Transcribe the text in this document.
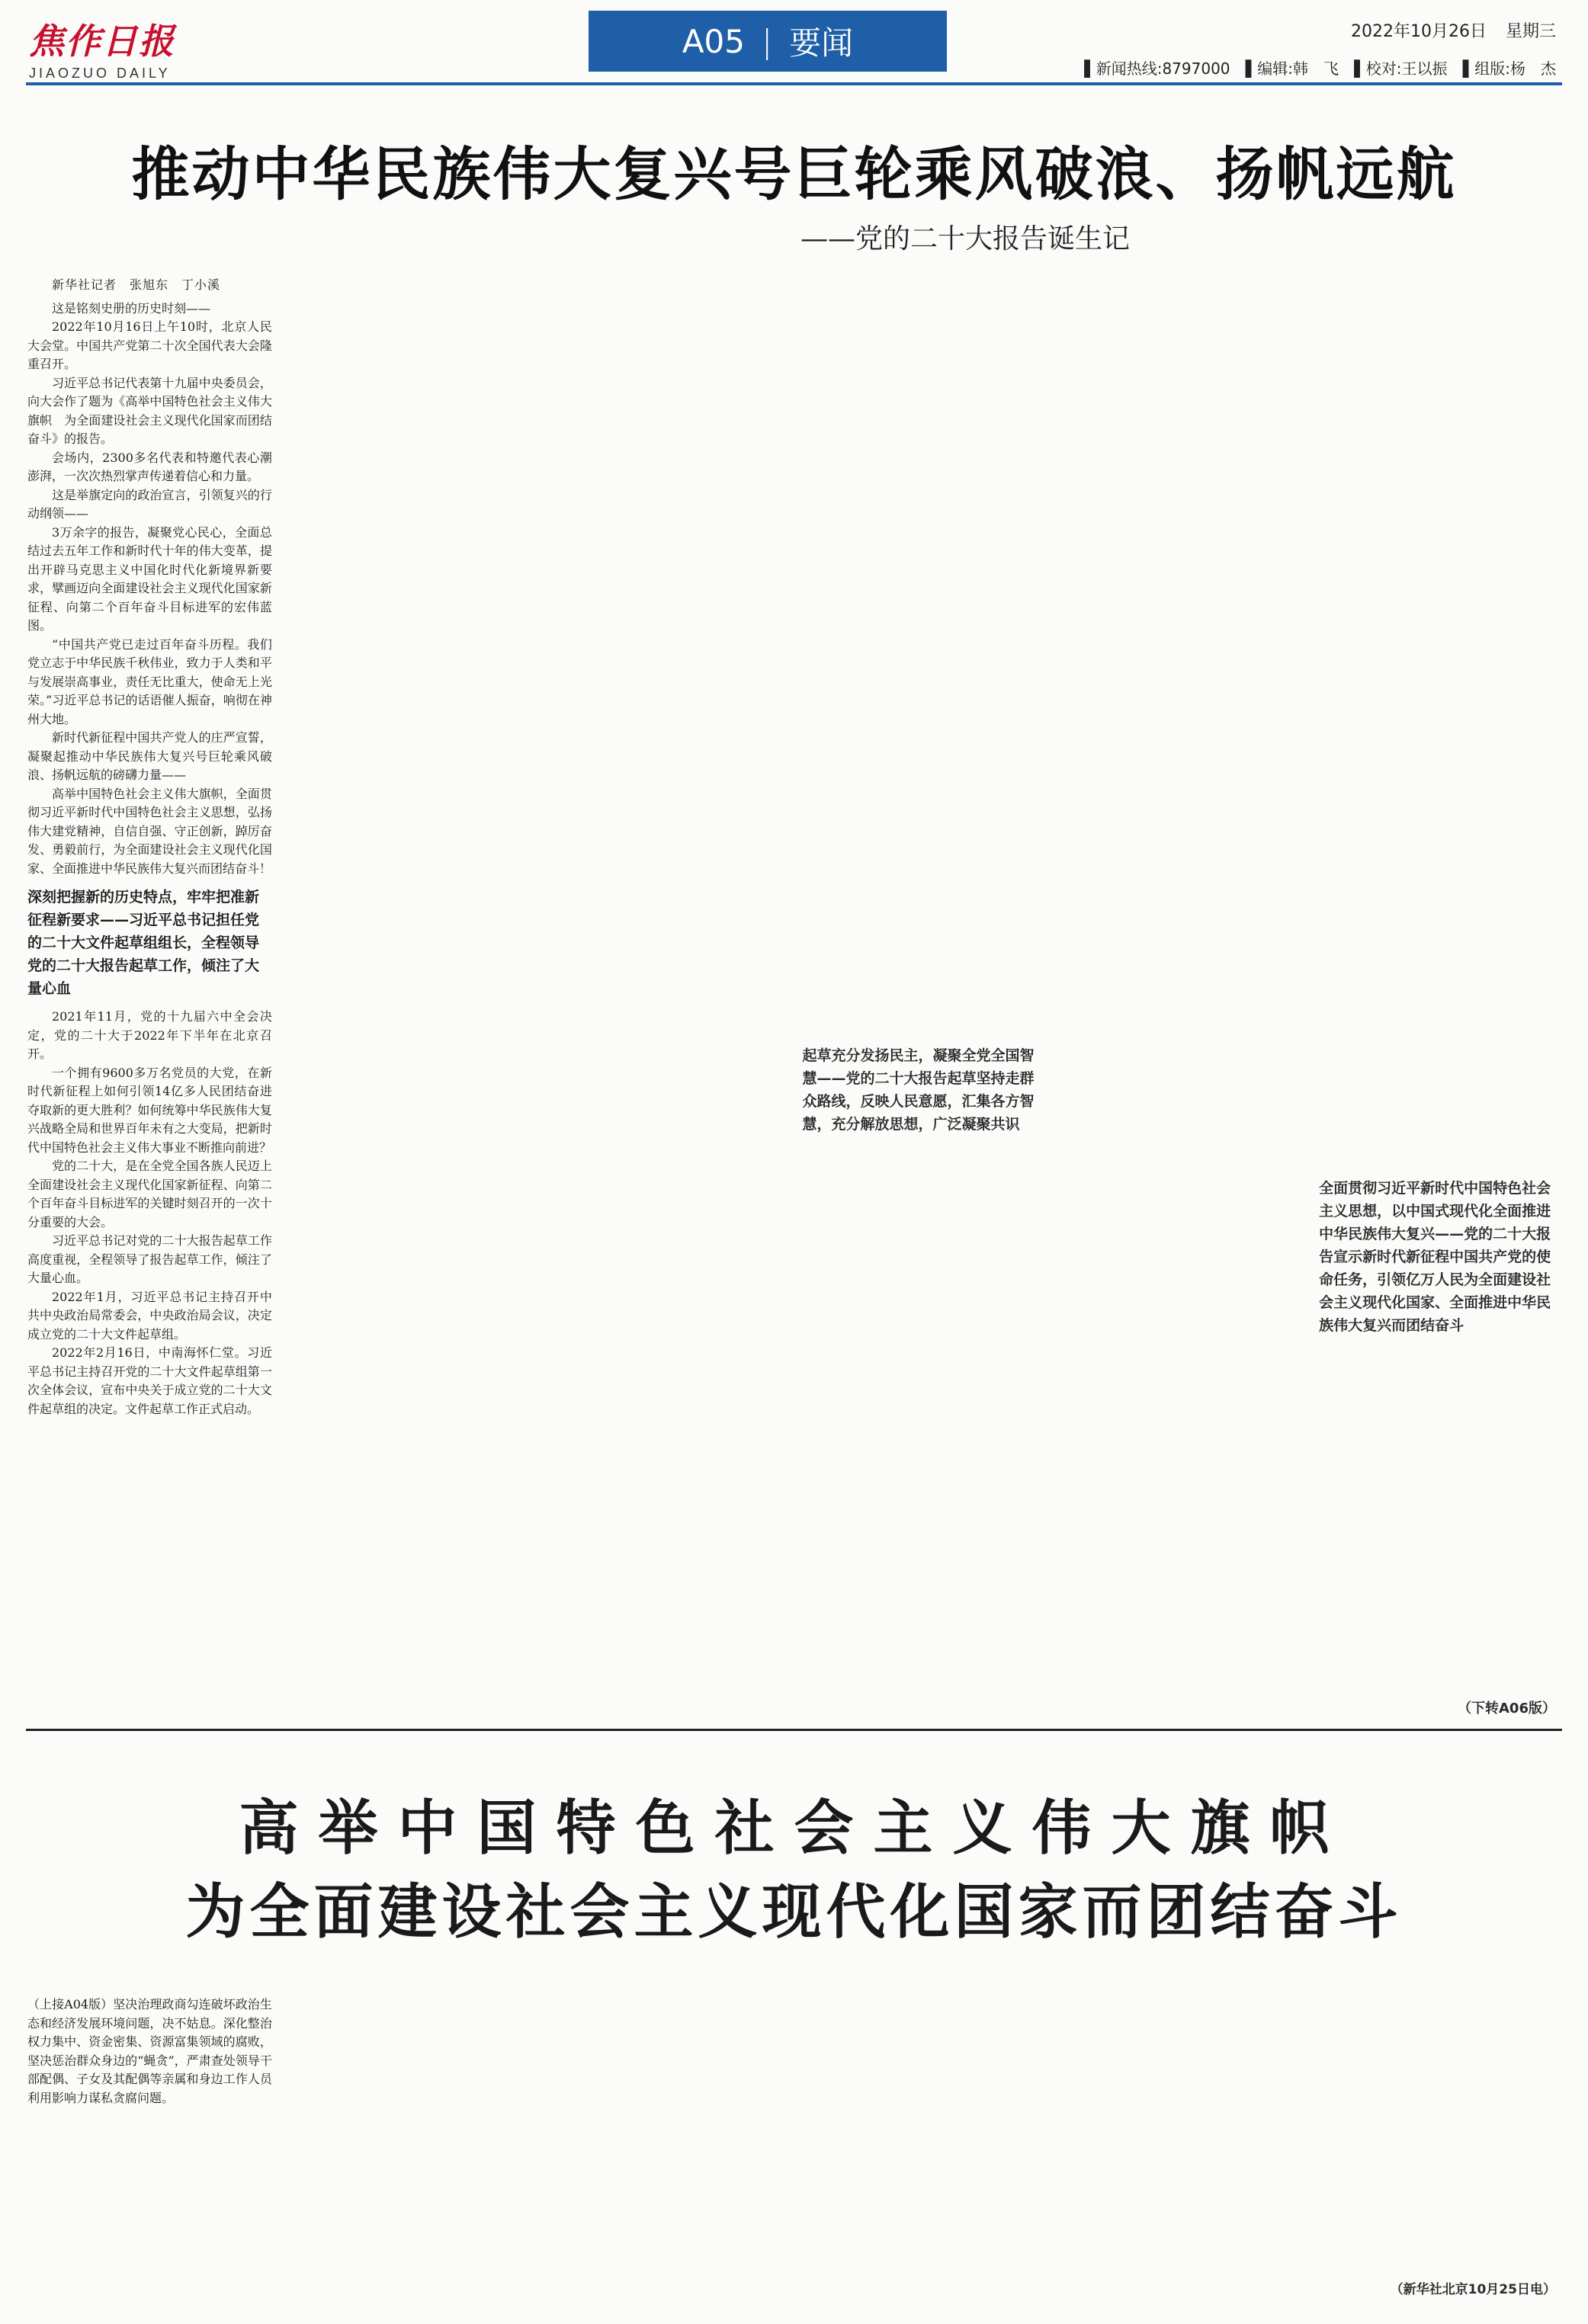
焦作日报
JIAOZUO DAILY
A05 | 要闻	2022年10月26日 星期三
▌新闻热线:8797000 ▌编辑:韩　飞 ▌校对:王以振 ▌组版:杨　杰
推动中华民族伟大复兴号巨轮乘风破浪、扬帆远航
——党的二十大报告诞生记

新华社记者　张旭东　丁小溪

这是铭刻史册的历史时刻——

2022年10月16日上午10时，北京人民大会堂。中国共产党第二十次全国代表大会隆重召开。

习近平总书记代表第十九届中央委员会，向大会作了题为《高举中国特色社会主义伟大旗帜　为全面建设社会主义现代化国家而团结奋斗》的报告。

会场内，2300多名代表和特邀代表心潮澎湃，一次次热烈掌声传递着信心和力量。

这是举旗定向的政治宣言，引领复兴的行动纲领——

3万余字的报告，凝聚党心民心，全面总结过去五年工作和新时代十年的伟大变革，提出开辟马克思主义中国化时代化新境界新要求，擘画迈向全面建设社会主义现代化国家新征程、向第二个百年奋斗目标进军的宏伟蓝图。

“中国共产党已走过百年奋斗历程。我们党立志于中华民族千秋伟业，致力于人类和平与发展崇高事业，责任无比重大，使命无上光荣。”习近平总书记的话语催人振奋，响彻在神州大地。

新时代新征程中国共产党人的庄严宣誓，凝聚起推动中华民族伟大复兴号巨轮乘风破浪、扬帆远航的磅礴力量——

高举中国特色社会主义伟大旗帜，全面贯彻习近平新时代中国特色社会主义思想，弘扬伟大建党精神，自信自强、守正创新，踔厉奋发、勇毅前行，为全面建设社会主义现代化国家、全面推进中华民族伟大复兴而团结奋斗！

深刻把握新的历史特点，牢牢把准新征程新要求——习近平总书记担任党的二十大文件起草组组长，全程领导党的二十大报告起草工作，倾注了大量心血

2021年11月，党的十九届六中全会决定，党的二十大于2022年下半年在北京召开。

一个拥有9600多万名党员的大党，在新时代新征程上如何引领14亿多人民团结奋进夺取新的更大胜利？如何统筹中华民族伟大复兴战略全局和世界百年未有之大变局，把新时代中国特色社会主义伟大事业不断推向前进？

党的二十大，是在全党全国各族人民迈上全面建设社会主义现代化国家新征程、向第二个百年奋斗目标进军的关键时刻召开的一次十分重要的大会。

习近平总书记对党的二十大报告起草工作高度重视，全程领导了报告起草工作，倾注了大量心血。

2022年1月，习近平总书记主持召开中共中央政治局常委会，中央政治局会议，决定成立党的二十大文件起草组。

2022年2月16日，中南海怀仁堂。习近平总书记主持召开党的二十大文件起草组第一次全体会议，宣布中央关于成立党的二十大文件起草组的决定。文件起草工作正式启动。

起草充分发扬民主，凝聚全党全国智慧——党的二十大报告起草坚持走群众路线，反映人民意愿，汇集各方智慧，充分解放思想，广泛凝聚共识
全面贯彻习近平新时代中国特色社会主义思想，以中国式现代化全面推进中华民族伟大复兴——党的二十大报告宣示新时代新征程中国共产党的使命任务，引领亿万人民为全面建设社会主义现代化国家、全面推进中华民族伟大复兴而团结奋斗
（下转A06版）
高举中国特色社会主义伟大旗帜
为全面建设社会主义现代化国家而团结奋斗

（上接A04版）坚决治理政商勾连破坏政治生态和经济发展环境问题，决不姑息。深化整治权力集中、资金密集、资源富集领域的腐败，坚决惩治群众身边的“蝇贪”，严肃查处领导干部配偶、子女及其配偶等亲属和身边工作人员利用影响力谋私贪腐问题。

（新华社北京10月25日电）
